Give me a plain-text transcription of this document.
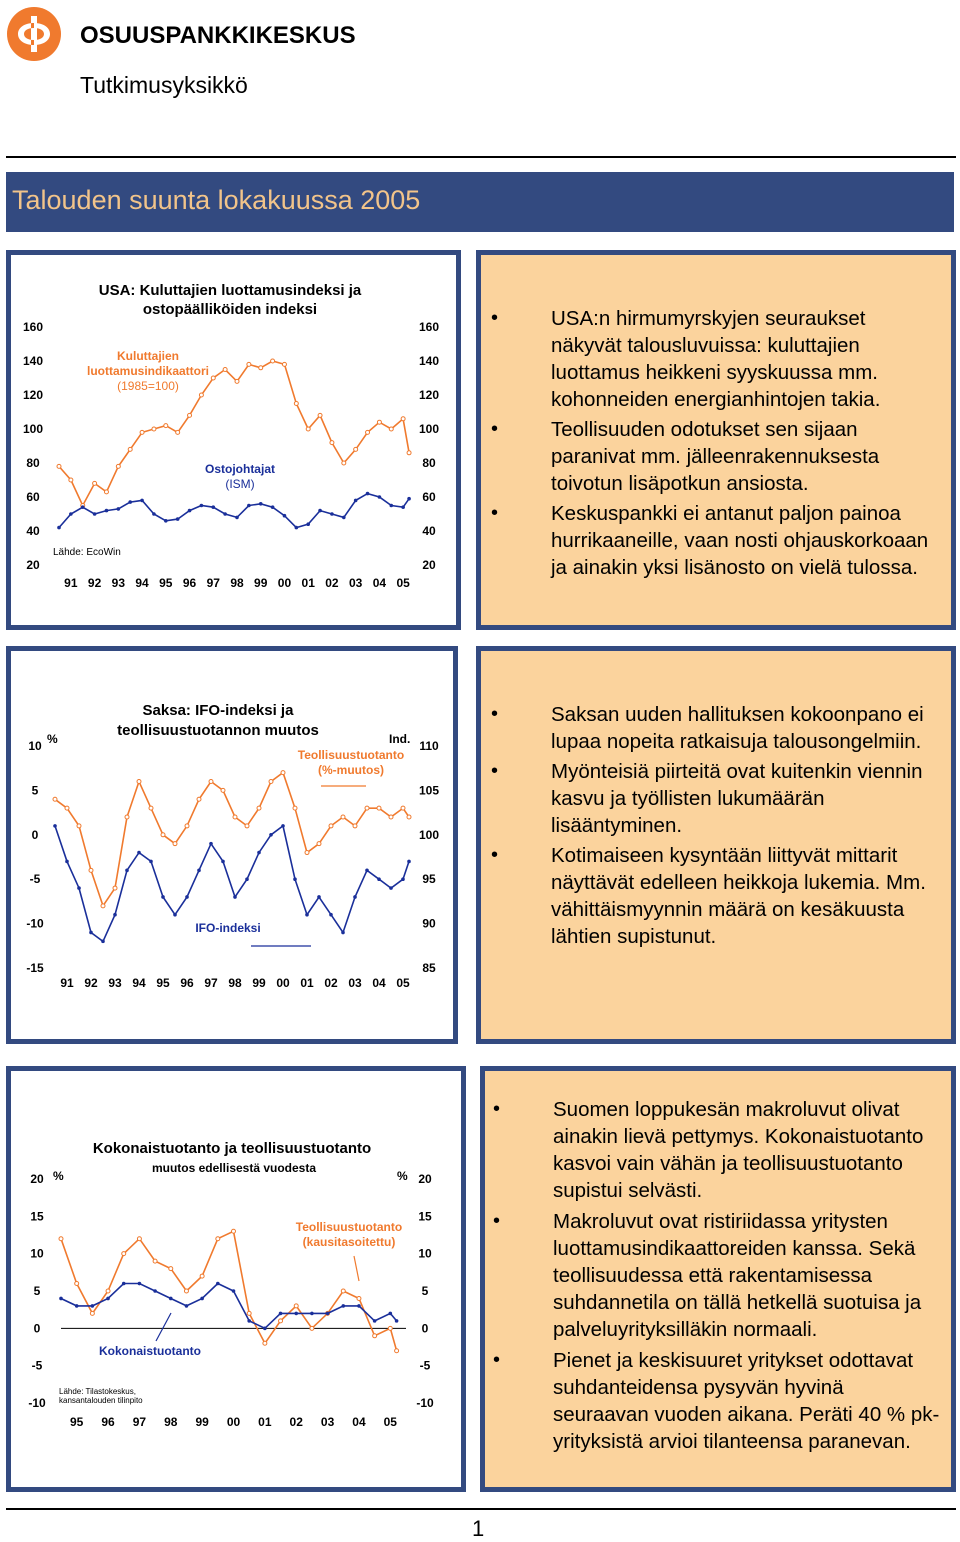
OSUUSPANKKIKESKUS
Tutkimusyksikkö
Talouden suunta lokakuussa 2005
USA: Kuluttajien luottamusindeksi ja
ostopäälliköiden indeksi
160
140
120
100
80
60
40
20
160
140
120
100
80
60
40
20
91 92 93 94 95 96 97 98 99 00 01 02 03 04 05
Kuluttajien
luottamusindikaattori
(1985=100)
Ostojohtajat
(ISM)
Lähde: EcoWin
• USA:n hirmumyrskyjen seuraukset näkyvät talousluvuissa: kuluttajien luottamus heikkeni syyskuussa mm. kohonneiden energianhintojen takia.
• Teollisuuden odotukset sen sijaan paranivat mm. jälleenrakennuksesta toivotun lisäpotkun ansiosta.
• Keskuspankki ei antanut paljon painoa hurrikaaneille, vaan nosti ohjauskorkoaan ja ainakin yksi lisänosto on vielä tulossa.
Saksa: IFO-indeksi ja
teollisuustuotannon muutos
%	Ind.
10
5
0
-5
-10
-15
110
105
100
95
90
85
91 92 93 94 95 96 97 98 99 00 01 02 03 04 05
Teollisuustuotanto
(%-muutos)
IFO-indeksi
• Saksan uuden hallituksen kokoonpano ei lupaa nopeita ratkaisuja talousongelmiin.
• Myönteisiä piirteitä ovat kuitenkin viennin kasvu ja työllisten lukumäärän lisääntyminen.
• Kotimaiseen kysyntään liittyvät mittarit näyttävät edelleen heikkoja lukemia. Mm. vähittäismyynnin määrä on kesäkuusta lähtien supistunut.
Kokonaistuotanto ja teollisuustuotanto
muutos edellisestä vuodesta
%	%
20
15
10
5
0
-5
-10
20
15
10
5
0
-5
-10
95 96 97 98 99 00 01 02 03 04 05
Teollisuustuotanto
(kausitasoitettu)
Kokonaistuotanto
Lähde: Tilastokeskus,
kansantalouden tilinpito
• Suomen loppukesän makroluvut olivat ainakin lievä pettymys. Kokonaistuotanto kasvoi vain vähän ja teollisuustuotanto supistui selvästi.
• Makroluvut ovat ristiriidassa yritysten luottamusindikaattoreiden kanssa. Sekä teollisuudessa että rakentamisessa suhdannetila on tällä hetkellä suotuisa ja palveluyrityksilläkin normaali.
• Pienet ja keskisuuret yritykset odottavat suhdanteidensa pysyvän hyvinä seuraavan vuoden aikana. Peräti 40 % pk-yrityksistä arvioi tilanteensa paranevan.
1
